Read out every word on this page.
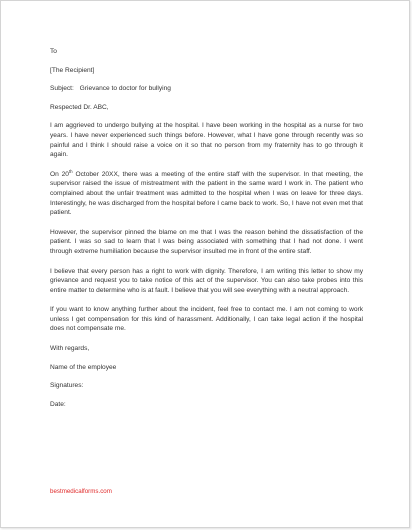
To

[The Recipient]

Subject: Grievance to doctor for bullying

Respected Dr. ABC,

I am aggrieved to undergo bullying at the hospital. I have been working in the hospital as a nurse for two years. I have never experienced such things before. However, what I have gone through recently was so painful and I think I should raise a voice on it so that no person from my fraternity has to go through it again.

On 20th October 20XX, there was a meeting of the entire staff with the supervisor. In that meeting, the supervisor raised the issue of mistreatment with the patient in the same ward I work in. The patient who complained about the unfair treatment was admitted to the hospital when I was on leave for three days. Interestingly, he was discharged from the hospital before I came back to work. So, I have not even met that patient.

However, the supervisor pinned the blame on me that I was the reason behind the dissatisfaction of the patient. I was so sad to learn that I was being associated with something that I had not done. I went through extreme humiliation because the supervisor insulted me in front of the entire staff.

I believe that every person has a right to work with dignity. Therefore, I am writing this letter to show my grievance and request you to take notice of this act of the supervisor. You can also take probes into this entire matter to determine who is at fault. I believe that you will see everything with a neutral approach.

If you want to know anything further about the incident, feel free to contact me. I am not coming to work unless I get compensation for this kind of harassment. Additionally, I can take legal action if the hospital does not compensate me.

With regards,

Name of the employee

Signatures:

Date:

bestmedicalforms.com
